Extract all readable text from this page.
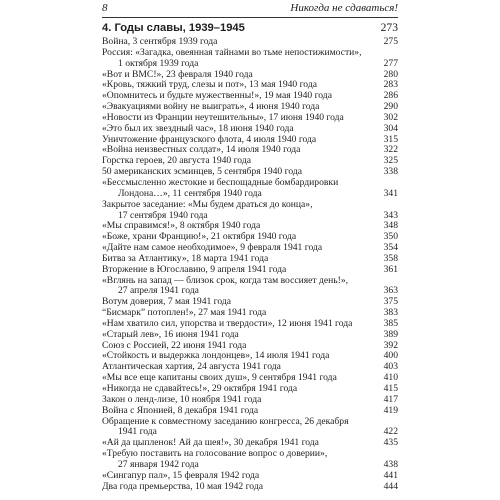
8	Никогда не сдаваться!
4. Годы славы, 1939–1945	273
Война, 3 сентября 1939 года	275
Россия: «Загадка, овеянная тайнами во тьме непостижимости»,
1 октября 1939 года	277
«Вот и ВМС!», 23 февраля 1940 года	280
«Кровь, тяжкий труд, слезы и пот», 13 мая 1940 года	283
«Опомнитесь и будьте мужественны!», 19 мая 1940 года	286
«Эвакуациями войну не выиграть», 4 июня 1940 года	290
«Новости из Франции неутешительны», 17 июня 1940 года	302
«Это был их звездный час», 18 июня 1940 года	304
Уничтожение французского флота, 4 июля 1940 года	315
«Война неизвестных солдат», 14 июля 1940 года	322
Горстка героев, 20 августа 1940 года	325
50 американских эсминцев, 5 сентября 1940 года	338
«Бессмысленно жестокие и беспощадные бомбардировки
Лондона…», 11 сентября 1940 года	341
Закрытое заседание: «Мы будем драться до конца»,
17 сентября 1940 года	343
«Мы справимся!», 8 октября 1940 года	348
«Боже, храни Францию!», 21 октября 1940 года	350
«Дайте нам самое необходимое», 9 февраля 1941 года	354
Битва за Атлантику», 18 марта 1941 года	358
Вторжение в Югославию, 9 апреля 1941 года	361
«Вглянь на запад — близок срок, когда там воссияет день!»,
27 апреля 1941 года	363
Вотум доверия, 7 мая 1941 года	375
“Бисмарк” потоплен!», 27 мая 1941 года	383
«Нам хватило сил, упорства и твердости», 12 июня 1941 года	385
«Старый лев», 16 июня 1941 года	389
Союз с Россией, 22 июня 1941 года	392
«Стойкость и выдержка лондонцев», 14 июля 1941 года	400
Атлантическая хартия, 24 августа 1941 года	403
«Мы все еще капитаны своих душ», 9 сентября 1941 года	410
«Никогда не сдавайтесь!», 29 октября 1941 года	415
Закон о ленд-лизе, 10 ноября 1941 года	417
Война с Японией, 8 декабря 1941 года	419
Обращение к совместному заседанию конгресса, 26 декабря
1941 года	422
«Ай да цыпленок! Ай да шея!», 30 декабря 1941 года	435
«Требую поставить на голосование вопрос о доверии»,
27 января 1942 года	438
«Сингапур пал», 15 февраля 1942 года	441
Два года премьерства, 10 мая 1942 года	444
